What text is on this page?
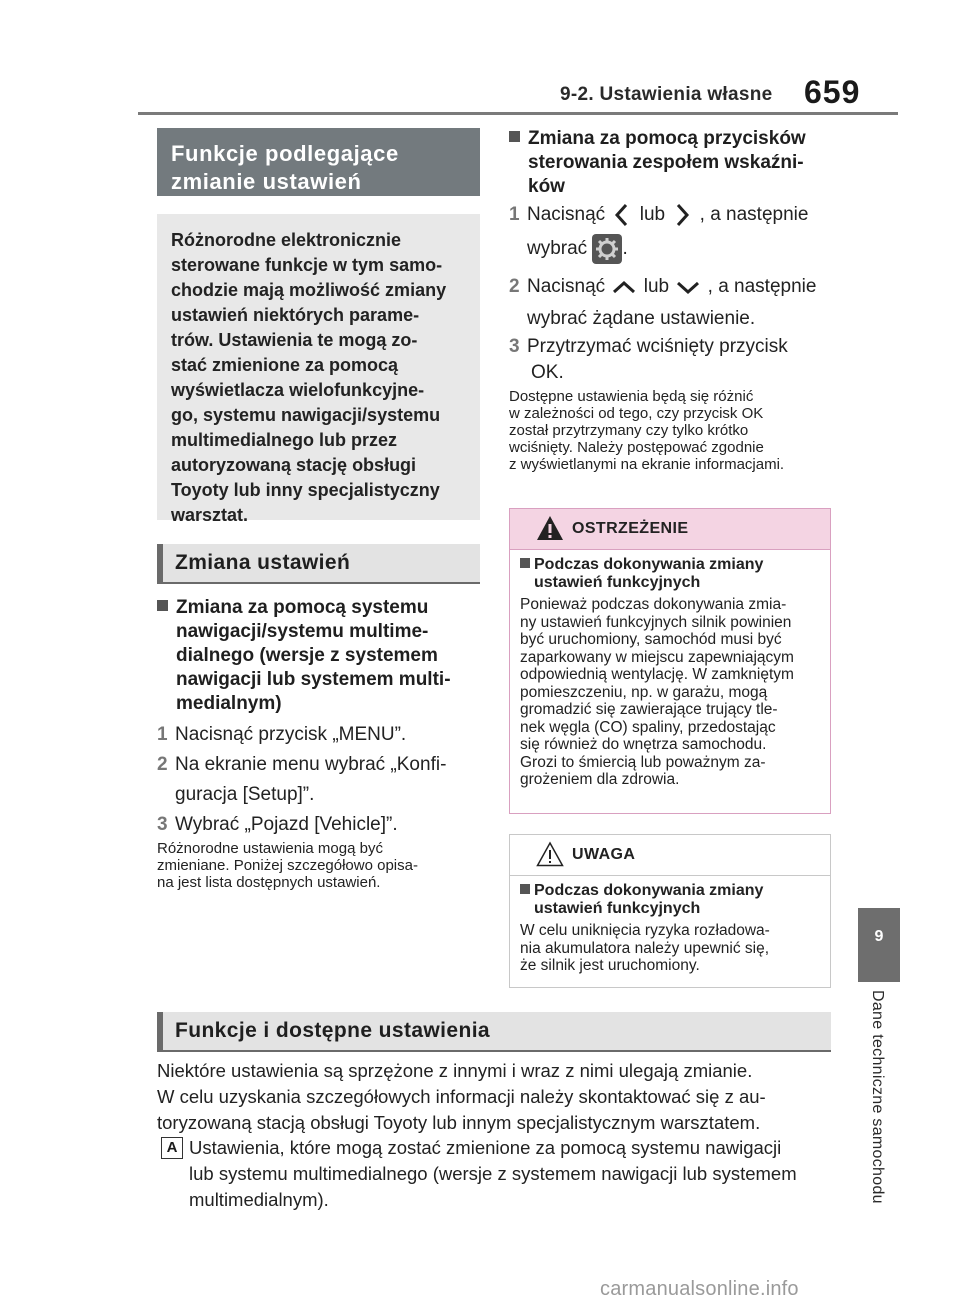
9-2. Ustawienia własne 659
9
Dane techniczne samochodu
Funkcje podlegające
zmianie ustawień
Różnorodne elektronicznie
sterowane funkcje w tym samo-
chodzie mają możliwość zmiany
ustawień niektórych parame-
trów. Ustawienia te mogą zo-
stać zmienione za pomocą
wyświetlacza wielofunkcyjne-
go, systemu nawigacji/systemu
multimedialnego lub przez
autoryzowaną stację obsługi
Toyoty lub inny specjalistyczny
warsztat.
Zmiana ustawień
Zmiana za pomocą systemu
nawigacji/systemu multime-
dialnego (wersje z systemem
nawigacji lub systemem multi-
medialnym)
1 Nacisnąć przycisk „MENU”.
2 Na ekranie menu wybrać „Konfi-
guracja [Setup]”.
3 Wybrać „Pojazd [Vehicle]”.
Różnorodne ustawienia mogą być
zmieniane. Poniżej szczegółowo opisa-
na jest lista dostępnych ustawień.
Zmiana za pomocą przycisków
sterowania zespołem wskaźni-
ków
1 Nacisnąć lub , a następnie
wybrać .
2 Nacisnąć lub , a następnie
wybrać żądane ustawienie.
3 Przytrzymać wciśnięty przycisk
OK.
Dostępne ustawienia będą się różnić
w zależności od tego, czy przycisk OK
został przytrzymany czy tylko krótko
wciśnięty. Należy postępować zgodnie
z wyświetlanymi na ekranie informacjami.
OSTRZEŻENIE
Podczas dokonywania zmiany
ustawień funkcyjnych
Ponieważ podczas dokonywania zmia-
ny ustawień funkcyjnych silnik powinien
być uruchomiony, samochód musi być
zaparkowany w miejscu zapewniającym
odpowiednią wentylację. W zamkniętym
pomieszczeniu, np. w garażu, mogą
gromadzić się zawierające trujący tle-
nek węgla (CO) spaliny, przedostając
się również do wnętrza samochodu.
Grozi to śmiercią lub poważnym za-
grożeniem dla zdrowia.
UWAGA
Podczas dokonywania zmiany
ustawień funkcyjnych
W celu uniknięcia ryzyka rozładowa-
nia akumulatora należy upewnić się,
że silnik jest uruchomiony.
Funkcje i dostępne ustawienia
Niektóre ustawienia są sprzężone z innymi i wraz z nimi ulegają zmianie.
W celu uzyskania szczegółowych informacji należy skontaktować się z au-
toryzowaną stacją obsługi Toyoty lub innym specjalistycznym warsztatem.
A Ustawienia, które mogą zostać zmienione za pomocą systemu nawigacji
lub systemu multimedialnego (wersje z systemem nawigacji lub systemem
multimedialnym).
carmanualsonline.info
